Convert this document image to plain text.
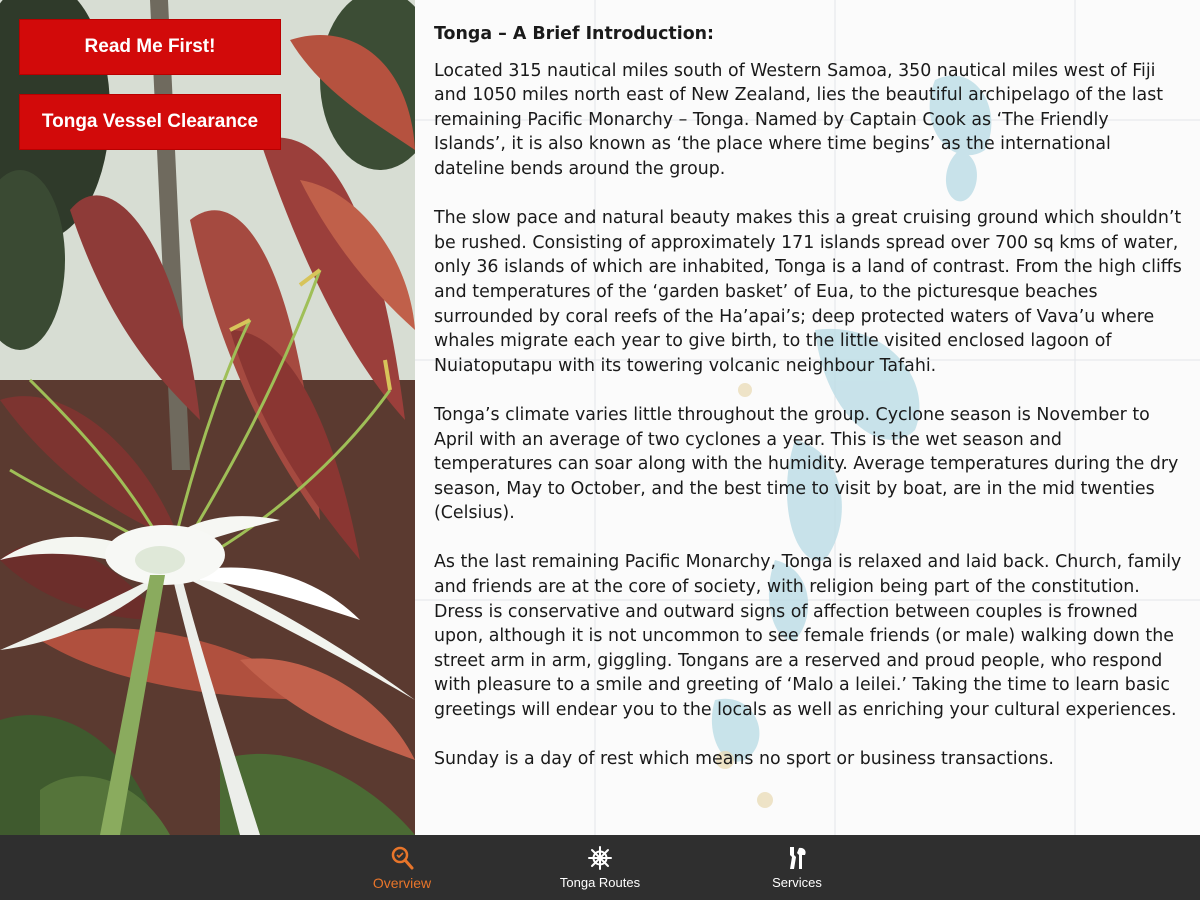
Read Me First!
Tonga Vessel Clearance
Tonga – A Brief Introduction:

Located 315 nautical miles south of Western Samoa, 350 nautical miles west of Fiji and 1050 miles north east of New Zealand, lies the beautiful archipelago of the last remaining Pacific Monarchy – Tonga. Named by Captain Cook as ‘The Friendly Islands’, it is also known as ‘the place where time begins’ as the international dateline bends around the group.

The slow pace and natural beauty makes this a great cruising ground which shouldn’t be rushed. Consisting of approximately 171 islands spread over 700 sq kms of water, only 36 islands of which are inhabited, Tonga is a land of contrast. From the high cliffs and temperatures of the ‘garden basket’ of Eua, to the picturesque beaches surrounded by coral reefs of the Ha’apai’s; deep protected waters of Vava’u where whales migrate each year to give birth, to the little visited enclosed lagoon of Nuiatoputapu with its towering volcanic neighbour Tafahi.

Tonga’s climate varies little throughout the group. Cyclone season is November to April with an average of two cyclones a year. This is the wet season and temperatures can soar along with the humidity. Average temperatures during the dry season, May to October, and the best time to visit by boat, are in the mid twenties (Celsius).

As the last remaining Pacific Monarchy, Tonga is relaxed and laid back. Church, family and friends are at the core of society, with religion being part of the constitution. Dress is conservative and outward signs of affection between couples is frowned upon, although it is not uncommon to see female friends (or male) walking down the street arm in arm, giggling. Tongans are a reserved and proud people, who respond with pleasure to a smile and greeting of ‘Malo a leilei.’ Taking the time to learn basic greetings will endear you to the locals as well as enriching your cultural experiences.

Sunday is a day of rest which means no sport or business transactions.

Overview	Tonga Routes	Services
